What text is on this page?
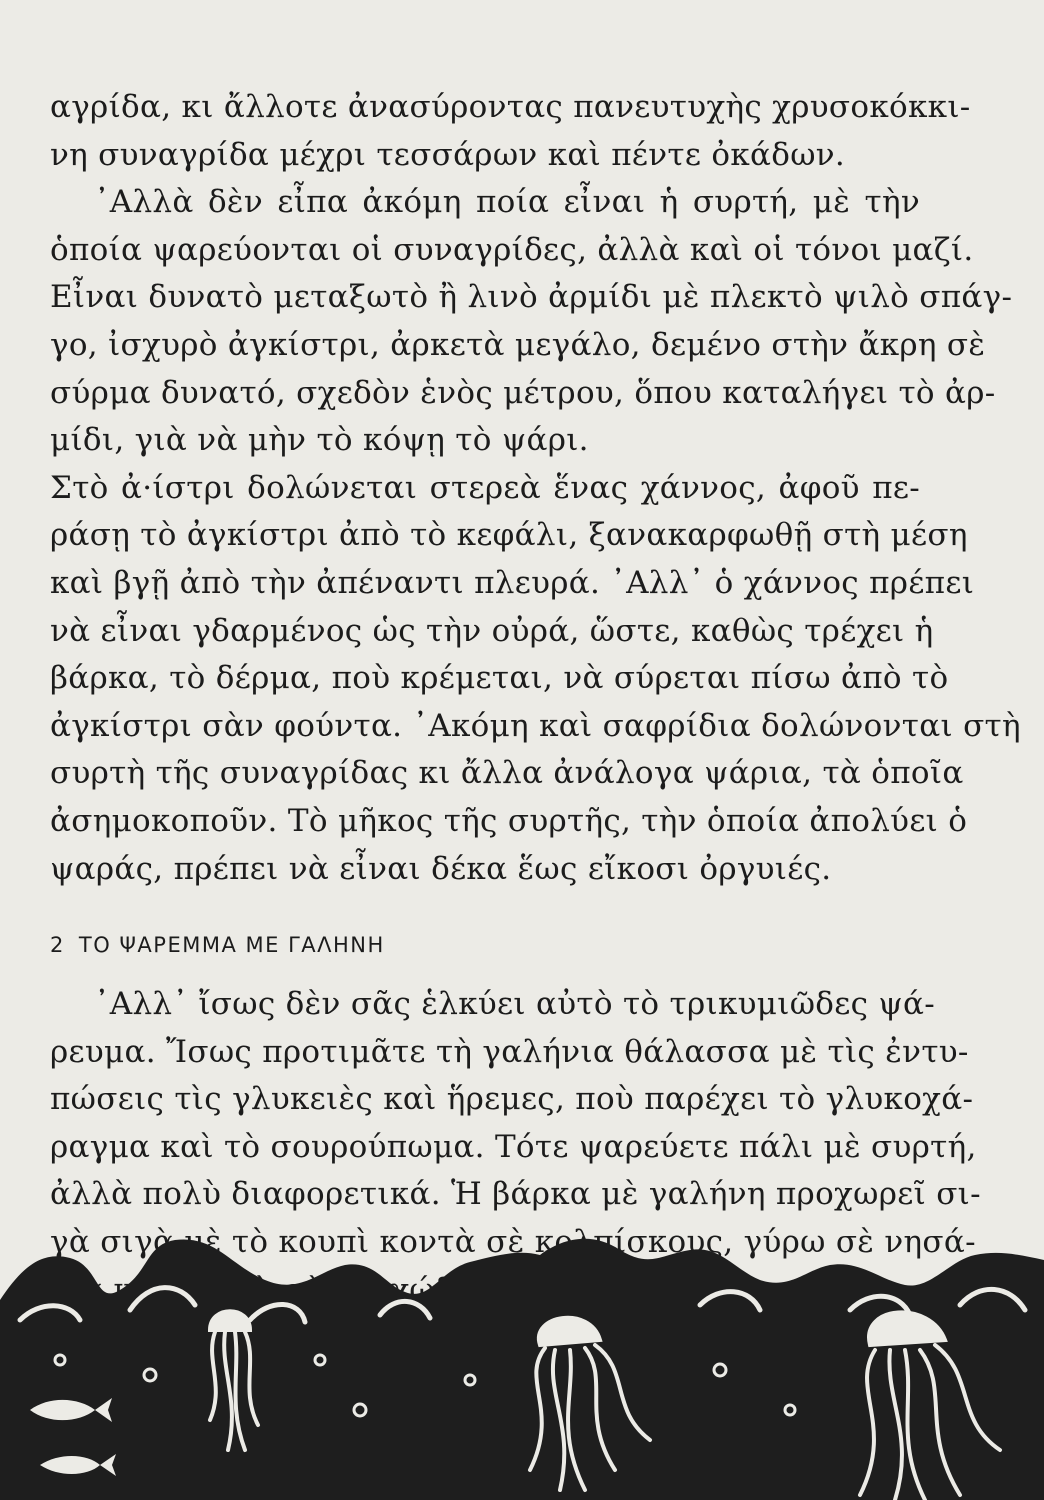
αγρίδα, κι ἄλλοτε ἀνασύροντας πανευτυχὴς χρυσοκόκκι-
νη συναγρίδα μέχρι τεσσάρων καὶ πέντε ὀκάδων.
᾿Αλλὰ δὲν εἶπα ἀκόμη ποία εἶναι ἡ συρτή, μὲ τὴν
ὁποία ψαρεύονται οἱ συναγρίδες, ἀλλὰ καὶ οἱ τόνοι μαζί.
Εἶναι δυνατὸ μεταξωτὸ ἢ λινὸ ἀρμίδι μὲ πλεκτὸ ψιλὸ σπάγ-
γο, ἰσχυρὸ ἀγκίστρι, ἀρκετὰ μεγάλο, δεμένο στὴν ἄκρη σὲ
σύρμα δυνατό, σχεδὸν ἑνὸς μέτρου, ὅπου καταλήγει τὸ ἀρ-
μίδι, γιὰ νὰ μὴν τὸ κόψῃ τὸ ψάρι.
Στὸ ἀ·ίστρι δολώνεται στερεὰ ἕνας χάννος, ἀφοῦ πε-
ράσῃ τὸ ἀγκίστρι ἀπὸ τὸ κεφάλι, ξανακαρφωθῇ στὴ μέση
καὶ βγῇ ἀπὸ τὴν ἀπέναντι πλευρά. ᾿Αλλ᾿ ὁ χάννος πρέπει
νὰ εἶναι γδαρμένος ὡς τὴν οὐρά, ὥστε, καθὼς τρέχει ἡ
βάρκα, τὸ δέρμα, ποὺ κρέμεται, νὰ σύρεται πίσω ἀπὸ τὸ
ἀγκίστρι σὰν φούντα. ᾿Ακόμη καὶ σαφρίδια δολώνονται στὴ
συρτὴ τῆς συναγρίδας κι ἄλλα ἀνάλογα ψάρια, τὰ ὁποῖα
ἀσημοκοποῦν. Τὸ μῆκος τῆς συρτῆς, τὴν ὁποία ἀπολύει ὁ
ψαράς, πρέπει νὰ εἶναι δέκα ἕως εἴκοσι ὀργυιές.
2 ΤΟ ΨΑΡΕΜΜΑ ΜΕ ΓΑΛΗΝΗ
᾿Αλλ᾿ ἴσως δὲν σᾶς ἑλκύει αὐτὸ τὸ τρικυμιῶδες ψά-
ρευμα. Ἴσως προτιμᾶτε τὴ γαλήνια θάλασσα μὲ τὶς ἐντυ-
πώσεις τὶς γλυκειὲς καὶ ἥρεμες, ποὺ παρέχει τὸ γλυκοχά-
ραγμα καὶ τὸ σουρούπωμα. Τότε ψαρεύετε πάλι μὲ συρτή,
ἀλλὰ πολὺ διαφορετικά. Ἡ βάρκα μὲ γαλήνη προχωρεῖ σι-
γὰ σιγὰ μὲ τὸ κουπὶ κοντὰ σὲ κολπίσκους, γύρω σὲ νησά-
